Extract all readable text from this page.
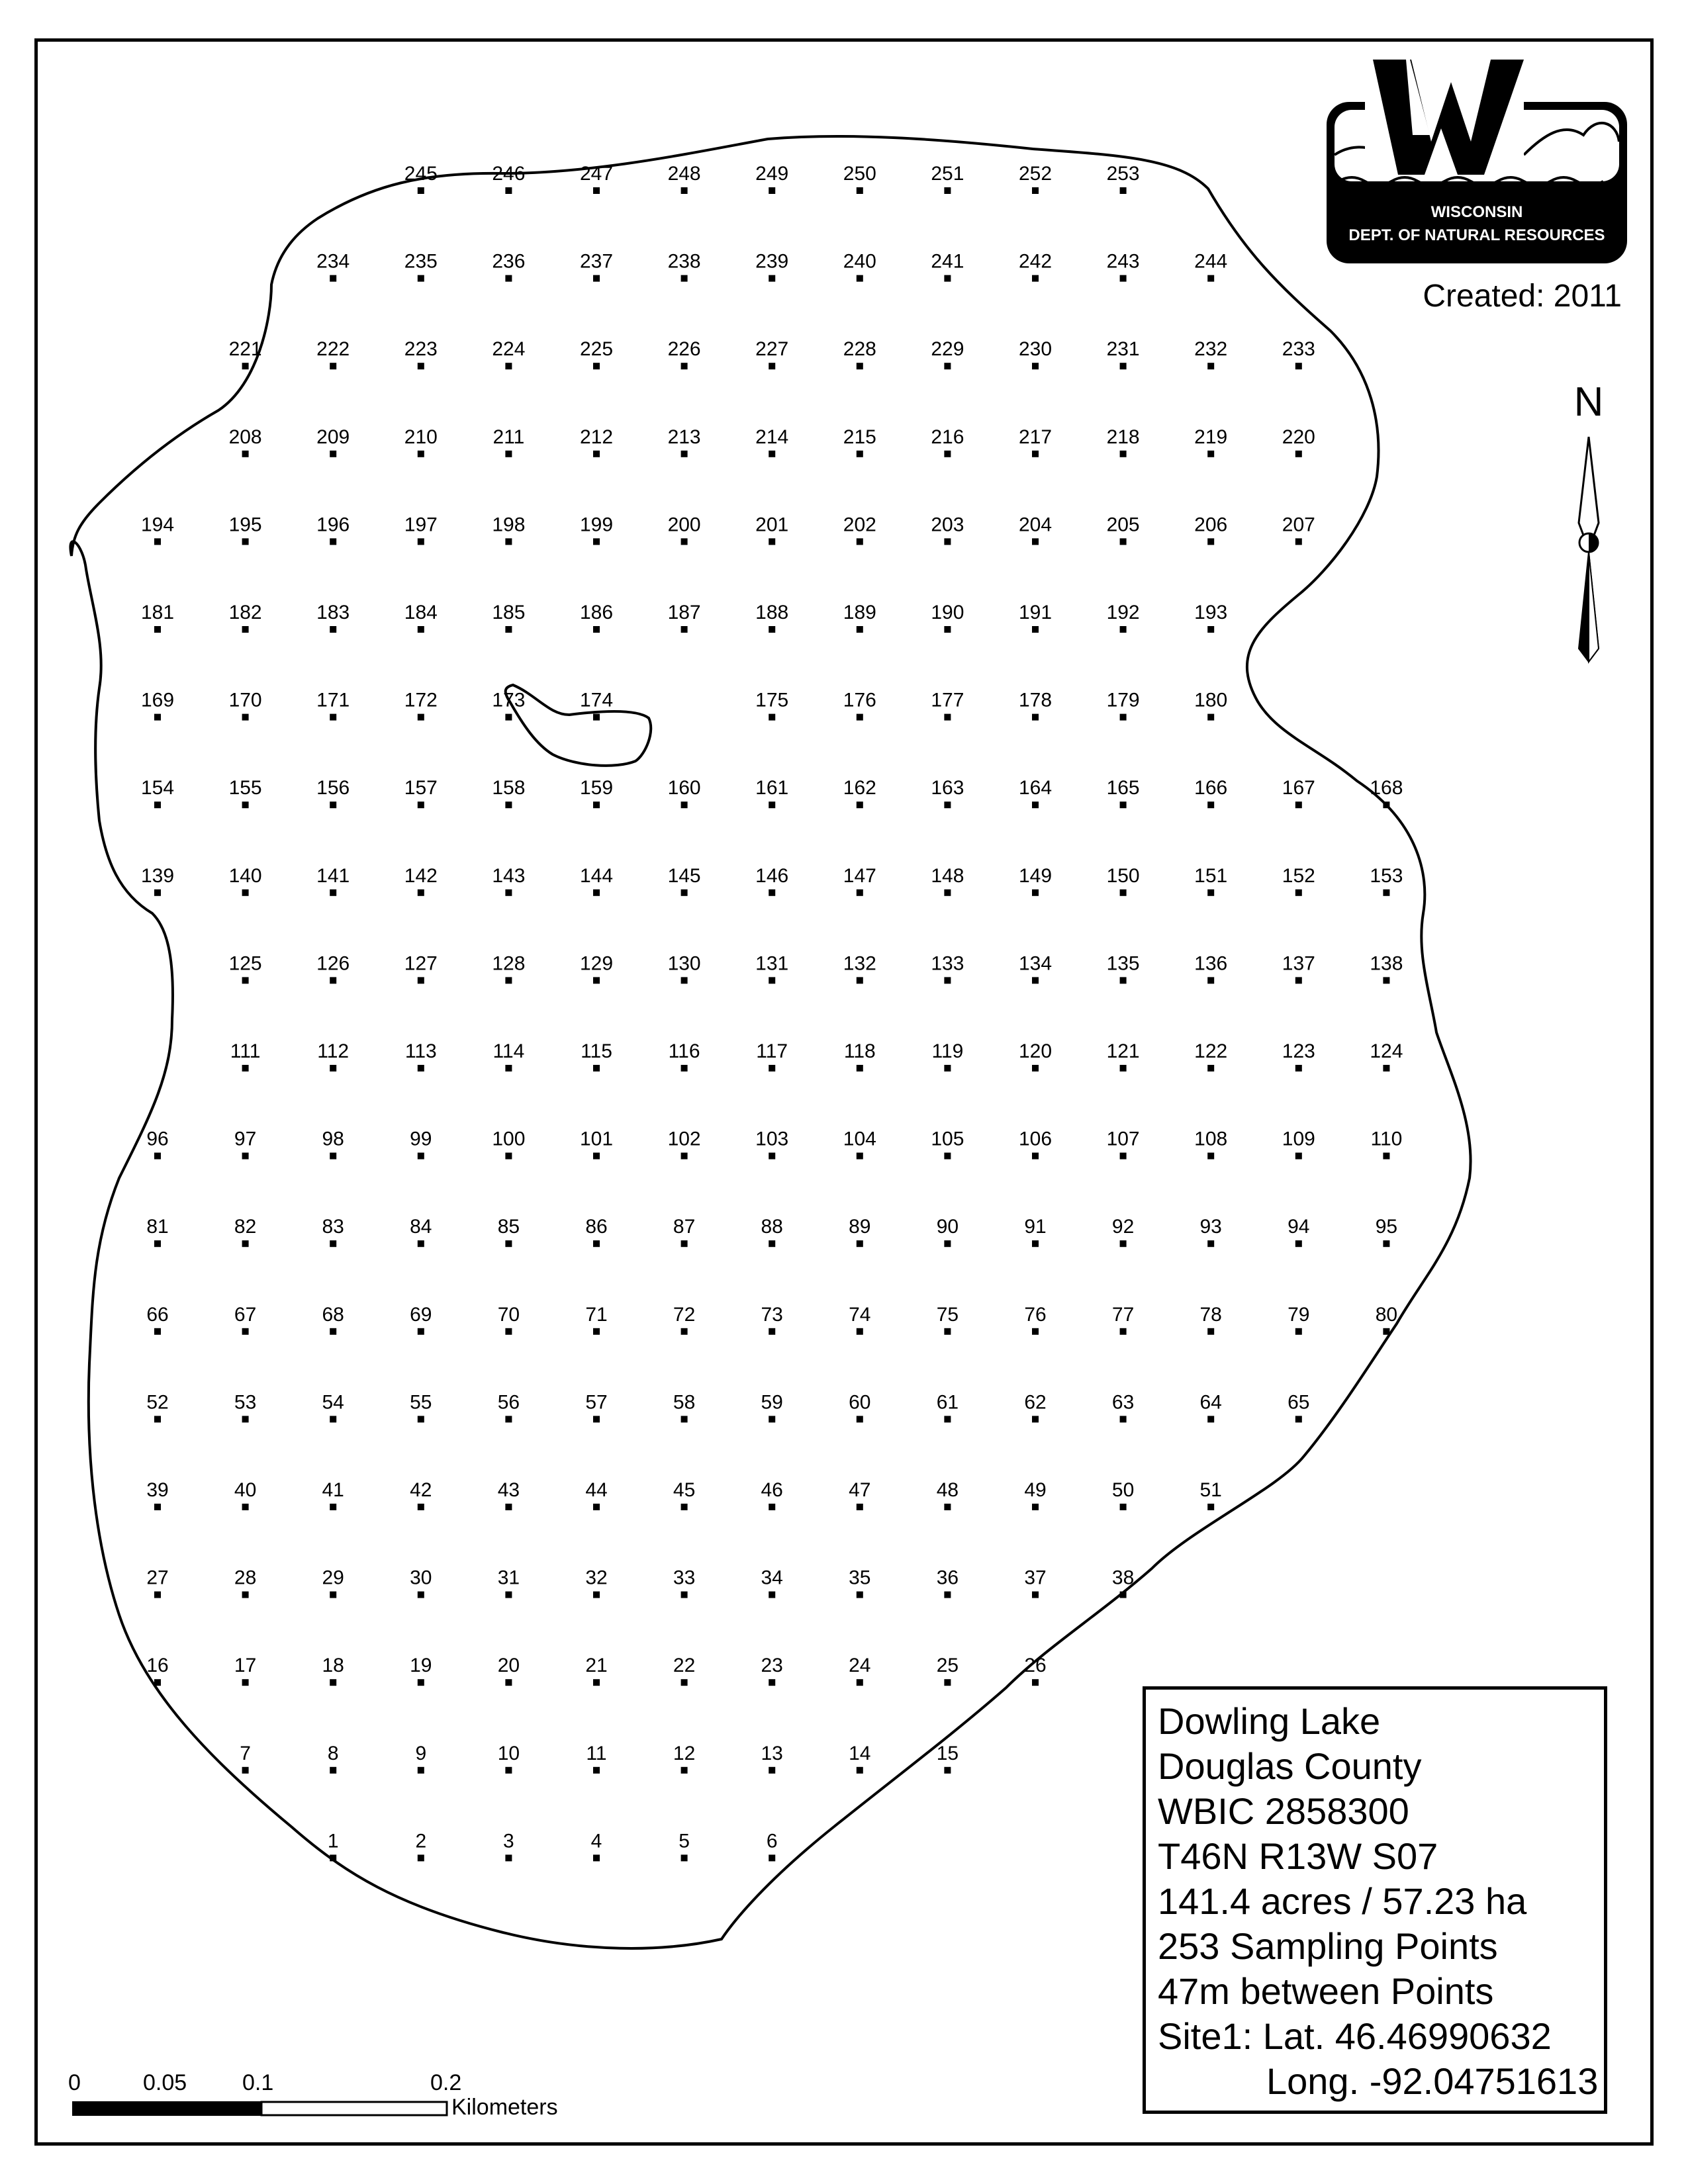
245	246	247	248	249	250	251	252	253
234	235	236	237	238	239	240	241	242	243	244
221	222	223	224	225	226	227	228	229	230	231	232	233
208	209	210	211	212	213	214	215	216	217	218	219	220
194	195	196	197	198	199	200	201	202	203	204	205	206	207
181	182	183	184	185	186	187	188	189	190	191	192	193
169	170	171	172	173	174	175	176	177	178	179	180
154	155	156	157	158	159	160	161	162	163	164	165	166	167	168
139	140	141	142	143	144	145	146	147	148	149	150	151	152	153
125	126	127	128	129	130	131	132	133	134	135	136	137	138
111	112	113	114	115	116	117	118	119	120	121	122	123	124
96	97	98	99	100	101	102	103	104	105	106	107	108	109	110
81	82	83	84	85	86	87	88	89	90	91	92	93	94	95
66	67	68	69	70	71	72	73	74	75	76	77	78	79	80
52	53	54	55	56	57	58	59	60	61	62	63	64	65
39	40	41	42	43	44	45	46	47	48	49	50	51
27	28	29	30	31	32	33	34	35	36	37	38
16	17	18	19	20	21	22	23	24	25	26
7	8	9	10	11	12	13	14	15
1	2	3	4	5	6
WISCONSIN
DEPT. OF NATURAL RESOURCES
Created: 2011
N
Dowling Lake
Douglas County
WBIC 2858300
T46N R13W S07
141.4 acres / 57.23 ha
253 Sampling Points
47m between Points
Site1: Lat. 46.46990632
Long. -92.04751613
0	0.05 0.1	0.2
Kilometers
